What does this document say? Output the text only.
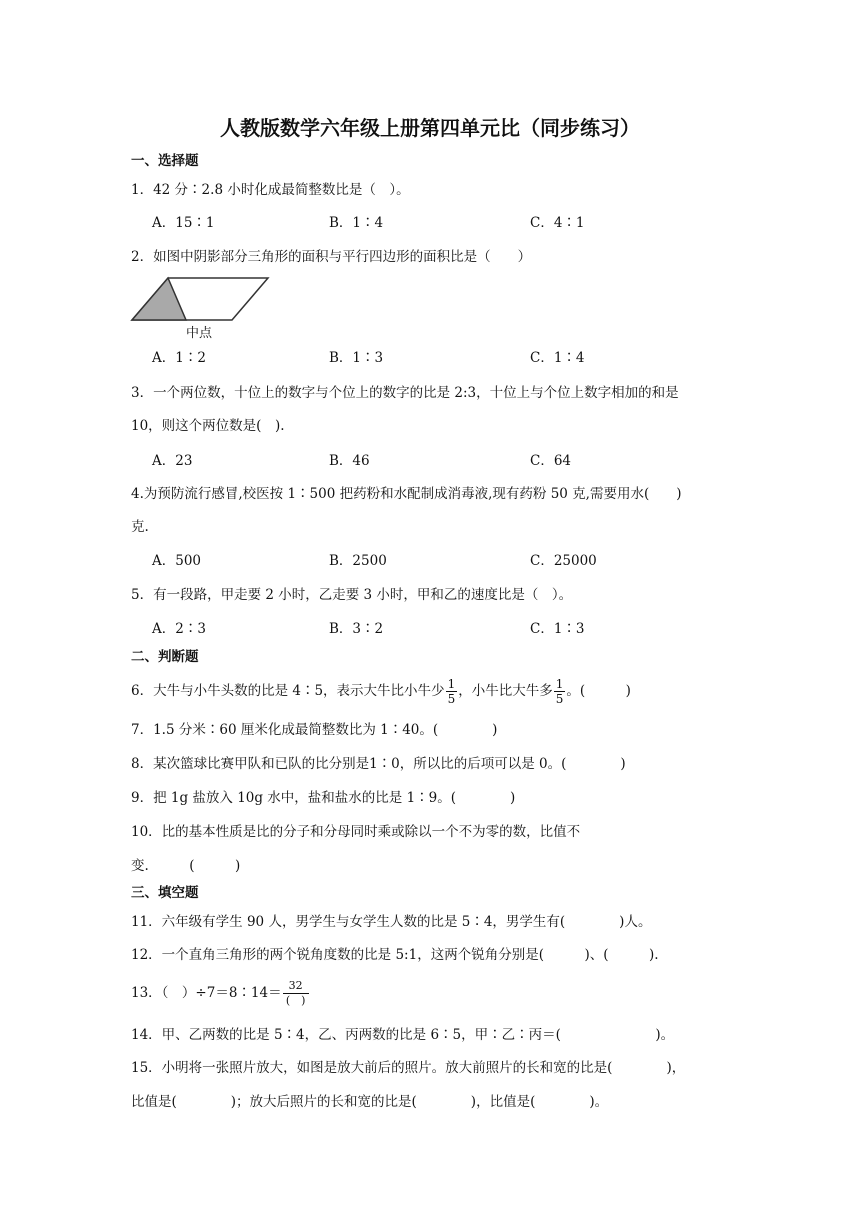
人教版数学六年级上册第四单元比（同步练习）
一、选择题
1．42 分∶2.8 小时化成最简整数比是（　）。
A．15∶1	B．1∶4	C．4∶1
2．如图中阴影部分三角形的面积与平行四边形的面积比是（　　）
中点
A．1∶2	B．1∶3	C．1∶4
3．一个两位数，十位上的数字与个位上的数字的比是 2:3，十位上与个位上数字相加的和是
10，则这个两位数是(　).
A．23	B．46	C．64
4.为预防流行感冒,校医按 1∶500 把药粉和水配制成消毒液,现有药粉 50 克,需要用水(　　)
克.
A．500	B．2500	C．25000
5．有一段路，甲走要 2 小时，乙走要 3 小时，甲和乙的速度比是（　）。
A．2∶3	B．3∶2	C．1∶3
二、判断题
6．大牛与小牛头数的比是 4∶5，表示大牛比小牛少 $\frac{1}{5}$ ，小牛比大牛多 $\frac{1}{5}$ 。(　　　)
7．1.5 分米∶60 厘米化成最简整数比为 1∶40。(　　　　)
8．某次篮球比赛甲队和已队的比分别是1∶0，所以比的后项可以是 0。(　　　　)
9．把 1g 盐放入 10g 水中，盐和盐水的比是 1∶9。(　　　　)
10．比的基本性质是比的分子和分母同时乘或除以一个不为零的数，比值不
变.　　　(　　　)
三、填空题
11．六年级有学生 90 人，男学生与女学生人数的比是 5∶4，男学生有(　　　　)人。
12．一个直角三角形的两个锐角度数的比是 5:1，这两个锐角分别是(　　　)、(　　　).
13．（　）÷7＝8∶14＝ $\frac{32}{( )}$
14．甲、乙两数的比是 5∶4，乙、丙两数的比是 6∶5，甲∶乙∶丙＝(　　　　　　　)。
15．小明将一张照片放大，如图是放大前后的照片。放大前照片的长和宽的比是(　　　　)，
比值是(　　　　)；放大后照片的长和宽的比是(　　　　)，比值是(　　　　)。
